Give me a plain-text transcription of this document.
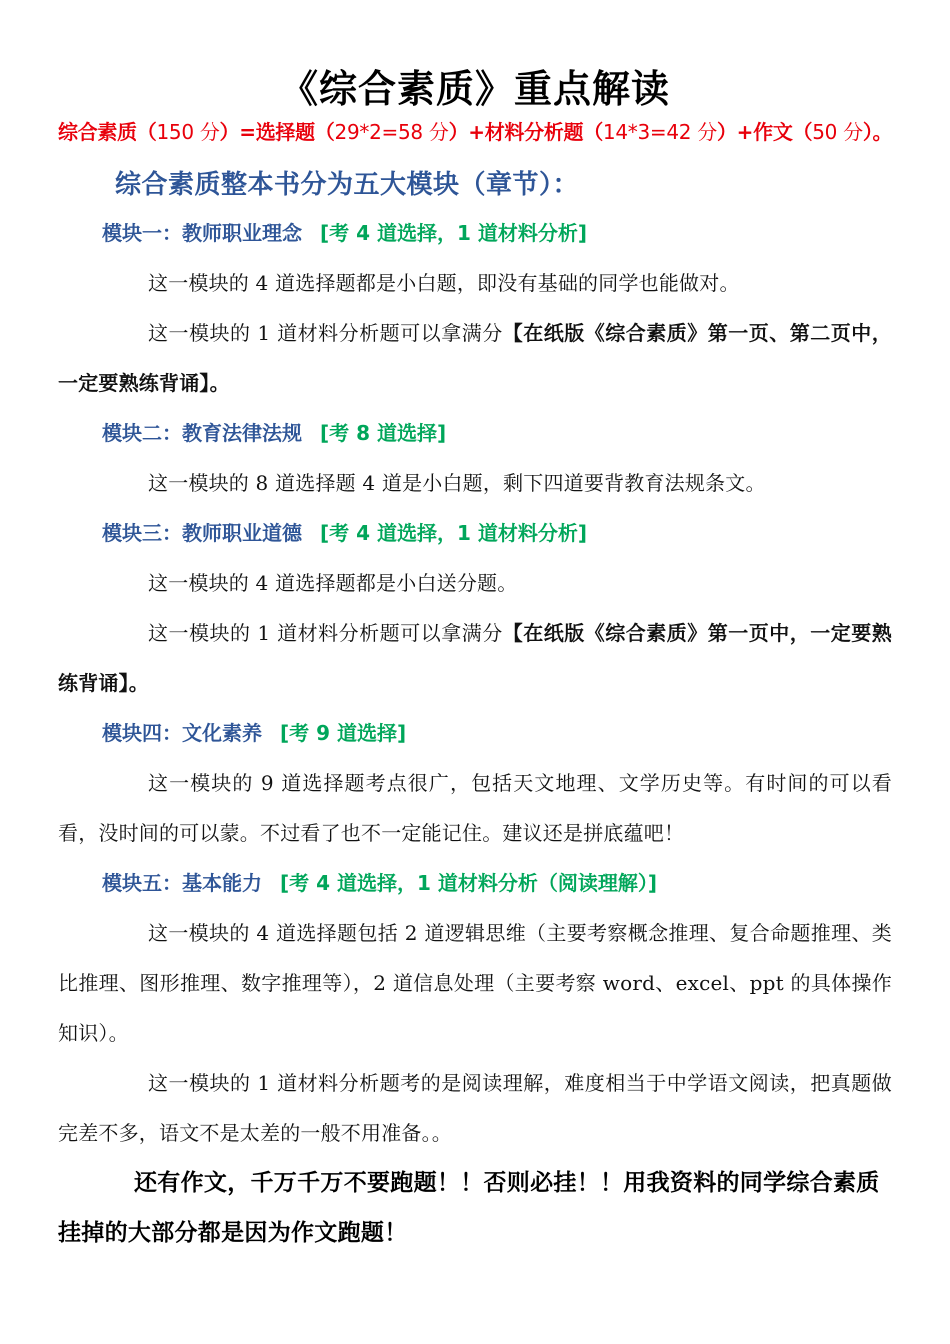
《综合素质》重点解读
综合素质（150 分）=选择题（29*2=58 分）+材料分析题（14*3=42 分）+作文（50 分）。
综合素质整本书分为五大模块（章节）：
模块一：教师职业理念 [考 4 道选择，1 道材料分析]
这一模块的 4 道选择题都是小白题，即没有基础的同学也能做对。
这一模块的 1 道材料分析题可以拿满分【在纸版《综合素质》第一页、第二页中，一定要熟练背诵】。
模块二：教育法律法规 [考 8 道选择]
这一模块的 8 道选择题 4 道是小白题，剩下四道要背教育法规条文。
模块三：教师职业道德 [考 4 道选择，1 道材料分析]
这一模块的 4 道选择题都是小白送分题。
这一模块的 1 道材料分析题可以拿满分【在纸版《综合素质》第一页中，一定要熟练背诵】。
模块四：文化素养 [考 9 道选择]
这一模块的 9 道选择题考点很广，包括天文地理、文学历史等。有时间的可以看看，没时间的可以蒙。不过看了也不一定能记住。建议还是拼底蕴吧！
模块五：基本能力 [考 4 道选择，1 道材料分析（阅读理解）]
这一模块的 4 道选择题包括 2 道逻辑思维（主要考察概念推理、复合命题推理、类比推理、图形推理、数字推理等），2 道信息处理（主要考察 word、excel、ppt 的具体操作知识）。
这一模块的 1 道材料分析题考的是阅读理解，难度相当于中学语文阅读，把真题做完差不多，语文不是太差的一般不用准备。。
还有作文，千万千万不要跑题！！否则必挂！！用我资料的同学综合素质挂掉的大部分都是因为作文跑题！
